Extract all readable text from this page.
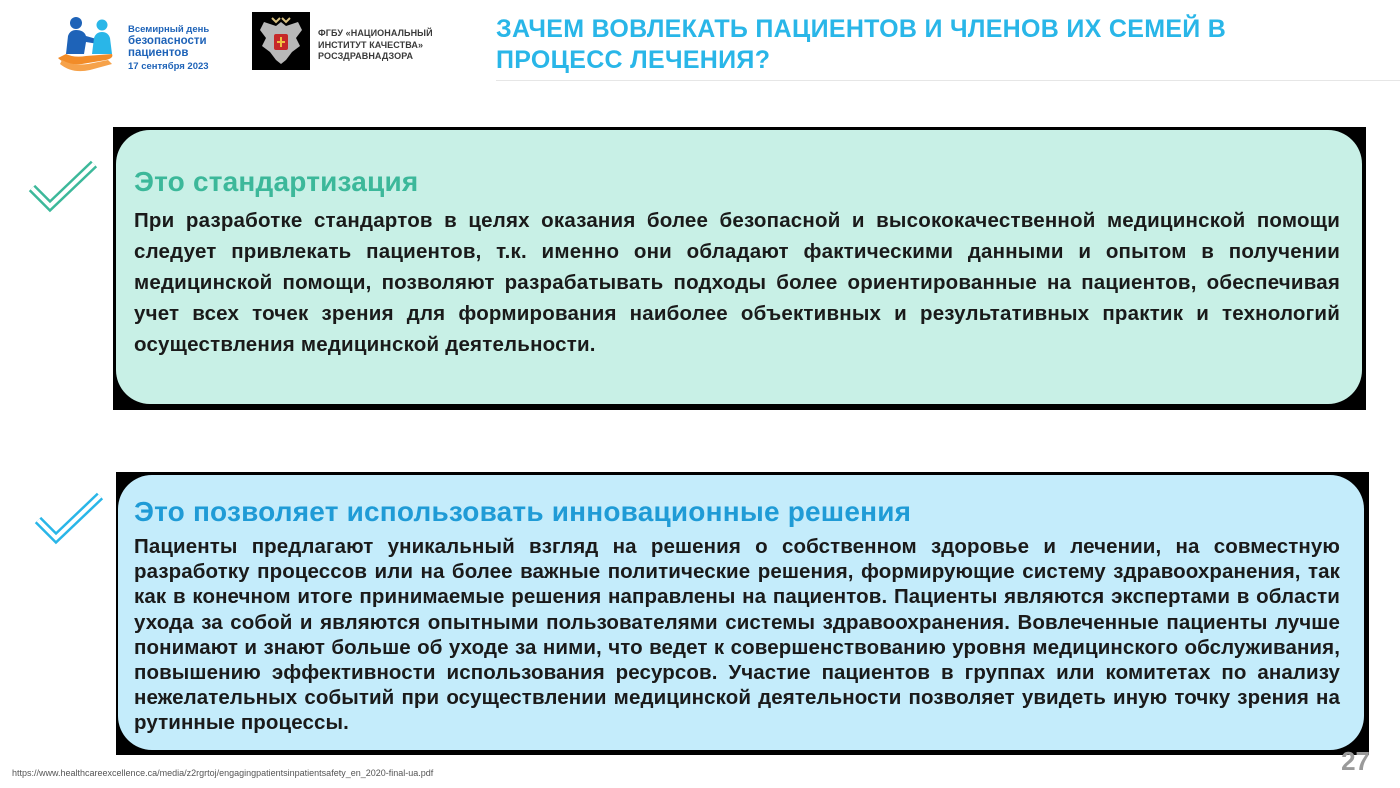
Всемирный день
безопасности
пациентов
17 сентября 2023
ФГБУ «НАЦИОНАЛЬНЫЙ
ИНСТИТУТ КАЧЕСТВА»
РОСЗДРАВНАДЗОРА
ЗАЧЕМ ВОВЛЕКАТЬ ПАЦИЕНТОВ И ЧЛЕНОВ ИХ СЕМЕЙ В ПРОЦЕСС ЛЕЧЕНИЯ?
Это стандартизация
При разработке стандартов в целях оказания более безопасной и высококачественной медицинской помощи следует привлекать пациентов, т.к. именно они обладают фактическими данными и опытом в получении медицинской помощи, позволяют разрабатывать подходы более ориентированные на пациентов, обеспечивая учет всех точек зрения для формирования наиболее объективных и результативных практик и технологий осуществления медицинской деятельности.
Это позволяет использовать инновационные решения
Пациенты предлагают уникальный взгляд на решения о собственном здоровье и лечении, на совместную разработку процессов или на более важные политические решения, формирующие систему здравоохранения, так как в конечном итоге принимаемые решения направлены на пациентов. Пациенты являются экспертами в области ухода за собой и являются опытными пользователями системы здравоохранения. Вовлеченные пациенты лучше понимают и знают больше об уходе за ними, что ведет к совершенствованию уровня медицинского обслуживания, повышению эффективности использования ресурсов. Участие пациентов в группах или комитетах по анализу нежелательных событий при осуществлении медицинской деятельности позволяет увидеть иную точку зрения на рутинные процессы.
https://www.healthcareexcellence.ca/media/z2rgrtoj/engagingpatientsinpatientsafety_en_2020-final-ua.pdf	27
